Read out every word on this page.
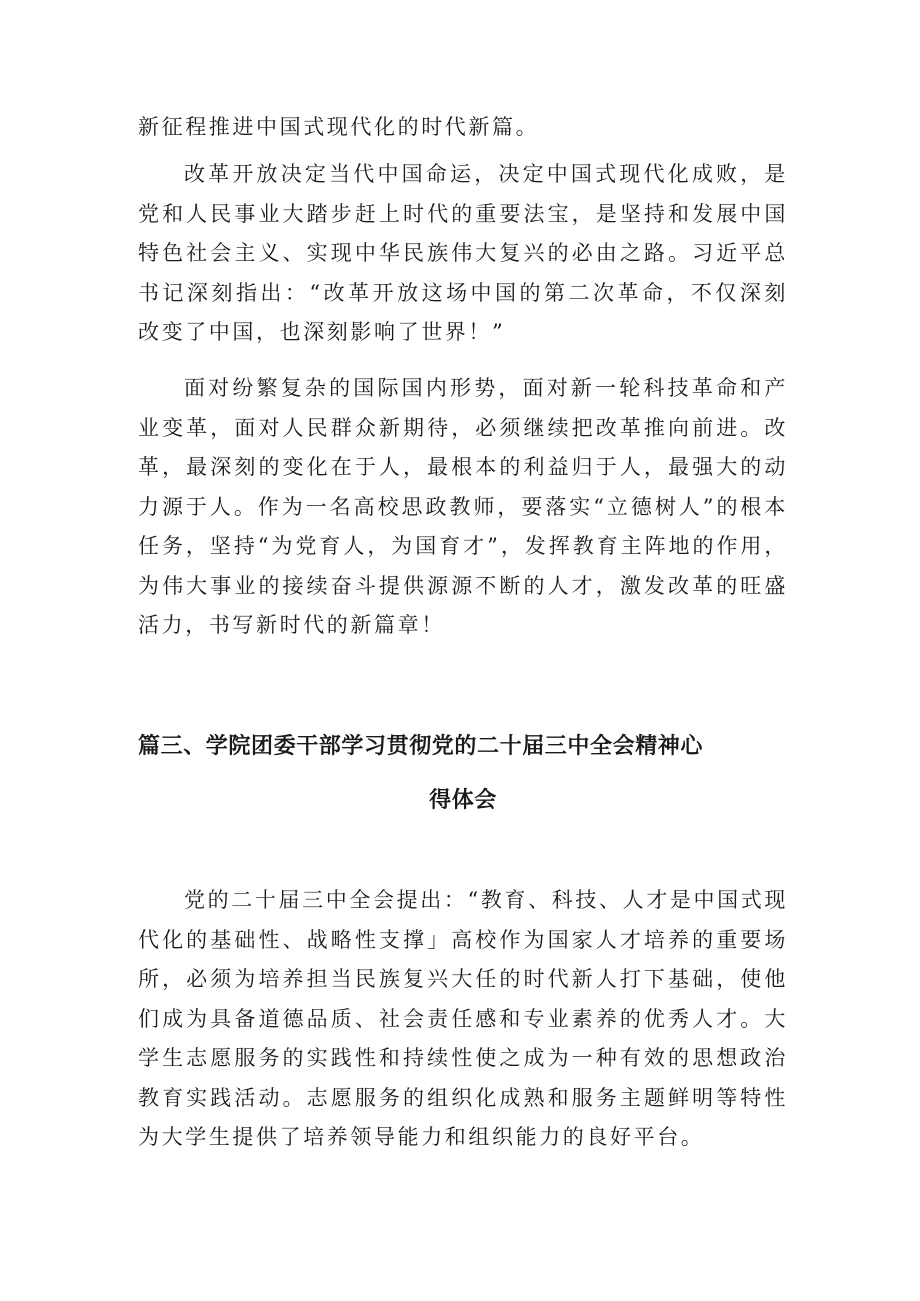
新征程推进中国式现代化的时代新篇。

改革开放决定当代中国命运，决定中国式现代化成败，是党和人民事业大踏步赶上时代的重要法宝，是坚持和发展中国特色社会主义、实现中华民族伟大复兴的必由之路。习近平总书记深刻指出：“改革开放这场中国的第二次革命，不仅深刻改变了中国，也深刻影响了世界！”

面对纷繁复杂的国际国内形势，面对新一轮科技革命和产业变革，面对人民群众新期待，必须继续把改革推向前进。改革，最深刻的变化在于人，最根本的利益归于人，最强大的动力源于人。作为一名高校思政教师，要落实“立德树人”的根本任务，坚持“为党育人，为国育才”，发挥教育主阵地的作用，为伟大事业的接续奋斗提供源源不断的人才，激发改革的旺盛活力，书写新时代的新篇章！

篇三、学院团委干部学习贯彻党的二十届三中全会精神心
得体会

党的二十届三中全会提出：“教育、科技、人才是中国式现代化的基础性、战略性支撑」高校作为国家人才培养的重要场所，必须为培养担当民族复兴大任的时代新人打下基础，使他们成为具备道德品质、社会责任感和专业素养的优秀人才。大学生志愿服务的实践性和持续性使之成为一种有效的思想政治教育实践活动。志愿服务的组织化成熟和服务主题鲜明等特性为大学生提供了培养领导能力和组织能力的良好平台。
